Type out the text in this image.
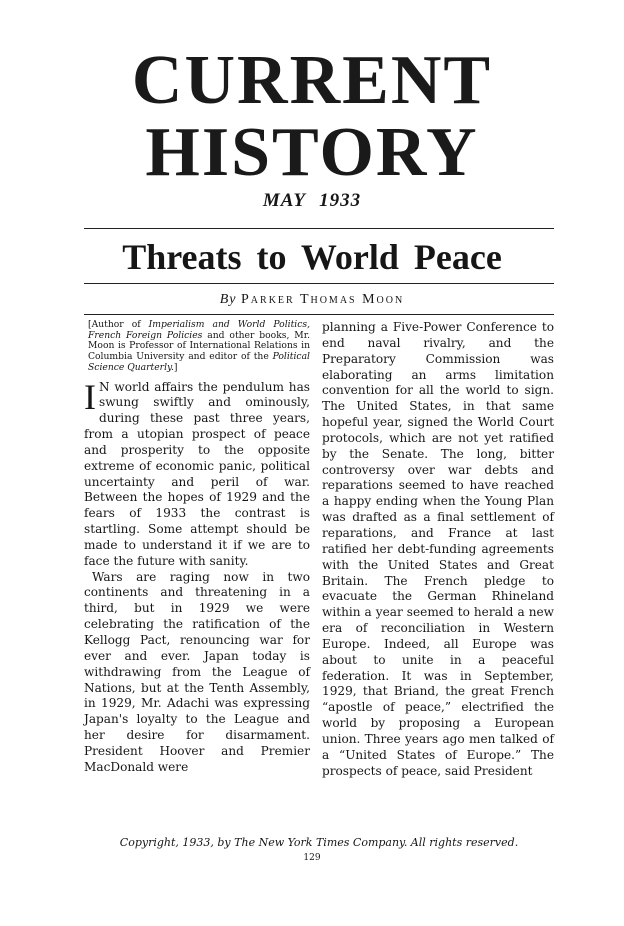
CURRENT
HISTORY
MAY 1933
Threats to World Peace
By Parker Thomas Moon

[Author of Imperialism and World Politics, French Foreign Policies and other books, Mr. Moon is Professor of International Relations in Columbia University and editor of the Political Science Quarterly.]

I N world affairs the pendulum has swung swiftly and ominously, during these past three years, from a utopian prospect of peace and prosperity to the opposite extreme of economic panic, political uncertainty and peril of war. Between the hopes of 1929 and the fears of 1933 the contrast is startling. Some attempt should be made to understand it if we are to face the future with sanity.

Wars are raging now in two continents and threatening in a third, but in 1929 we were celebrating the ratification of the Kellogg Pact, renouncing war for ever and ever. Japan today is withdrawing from the League of Nations, but at the Tenth Assembly, in 1929, Mr. Adachi was expressing Japan's loyalty to the League and her desire for disarmament. President Hoover and Premier MacDonald were

planning a Five-Power Conference to end naval rivalry, and the Preparatory Commission was elaborating an arms limitation convention for all the world to sign. The United States, in that same hopeful year, signed the World Court protocols, which are not yet ratified by the Senate. The long, bitter controversy over war debts and reparations seemed to have reached a happy ending when the Young Plan was drafted as a final settlement of reparations, and France at last ratified her debt-funding agreements with the United States and Great Britain. The French pledge to evacuate the German Rhineland within a year seemed to herald a new era of reconciliation in Western Europe. Indeed, all Europe was about to unite in a peaceful federation. It was in September, 1929, that Briand, the great French “apostle of peace,” electrified the world by proposing a European union. Three years ago men talked of a “United States of Europe.” The prospects of peace, said President

Copyright, 1933, by The New York Times Company. All rights reserved.
129
